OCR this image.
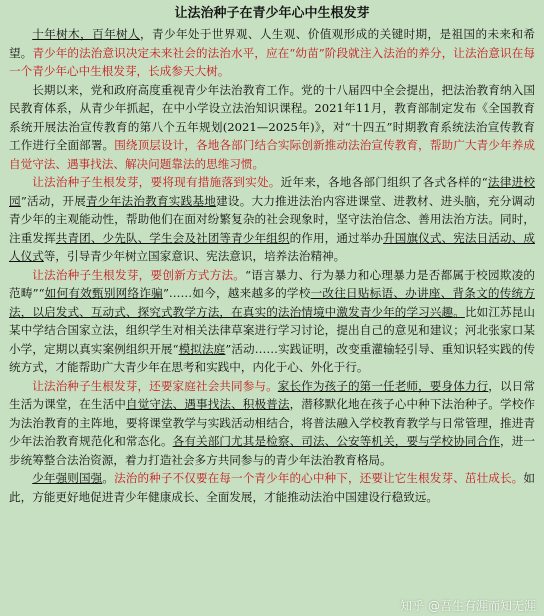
让法治种子在青少年心中生根发芽

十年树木，百年树人，青少年处于世界观、人生观、价值观形成的关键时期，是祖国的未来和希望。青少年的法治意识决定未来社会的法治水平，应在“幼苗”阶段就注入法治的养分，让法治意识在每一个青少年心中生根发芽，长成参天大树。

长期以来，党和政府高度重视青少年法治教育工作。党的十八届四中全会提出，把法治教育纳入国民教育体系，从青少年抓起，在中小学设立法治知识课程。2021年11月，教育部制定发布《全国教育系统开展法治宣传教育的第八个五年规划(2021—2025年)》，对“十四五”时期教育系统法治宣传教育工作进行全面部署。围绕顶层设计，各地各部门结合实际创新推动法治宣传教育，帮助广大青少年养成自觉守法、遇事找法、解决问题靠法的思维习惯。

让法治种子生根发芽，要将现有措施落到实处。近年来，各地各部门组织了各式各样的“法律进校园”活动，开展青少年法治教育实践基地建设。大力推进法治内容进课堂、进教材、进头脑，充分调动青少年的主观能动性，帮助他们在面对纷繁复杂的社会现象时，坚守法治信念、善用法治方法。同时，注重发挥共青团、少先队、学生会及社团等青少年组织的作用，通过举办升国旗仪式、宪法日活动、成人仪式等，引导青少年树立国家意识、宪法意识，培养法治精神。

让法治种子生根发芽，要创新方式方法。“语言暴力、行为暴力和心理暴力是否都属于校园欺凌的范畴”“如何有效甄别网络诈骗”……如今，越来越多的学校一改往日贴标语、办讲座、背条文的传统方法，以启发式、互动式、探究式教学方法，在真实的法治情境中激发青少年的学习兴趣。比如江苏昆山某中学结合国家立法，组织学生对相关法律草案进行学习讨论，提出自己的意见和建议；河北张家口某小学，定期以真实案例组织开展“模拟法庭”活动……实践证明，改变重灌输轻引导、重知识轻实践的传统方式，才能帮助广大青少年在思考和实践中，内化于心、外化于行。

让法治种子生根发芽，还要家庭社会共同参与。家长作为孩子的第一任老师，要身体力行，以日常生活为课堂，在生活中自觉守法、遇事找法、积极普法，潜移默化地在孩子心中种下法治种子。学校作为法治教育的主阵地，要将课堂教学与实践活动相结合，将普法融入学校教育教学与日常管理，推进青少年法治教育规范化和常态化。各有关部门尤其是检察、司法、公安等机关，要与学校协同合作，进一步统筹整合法治资源，着力打造社会多方共同参与的青少年法治教育格局。

少年强则国强。法治的种子不仅要在每一个青少年的心中种下，还要让它生根发芽、茁壮成长。如此，方能更好地促进青少年健康成长、全面发展，才能推动法治中国建设行稳致远。

知乎 @吾生有涯而知无涯
